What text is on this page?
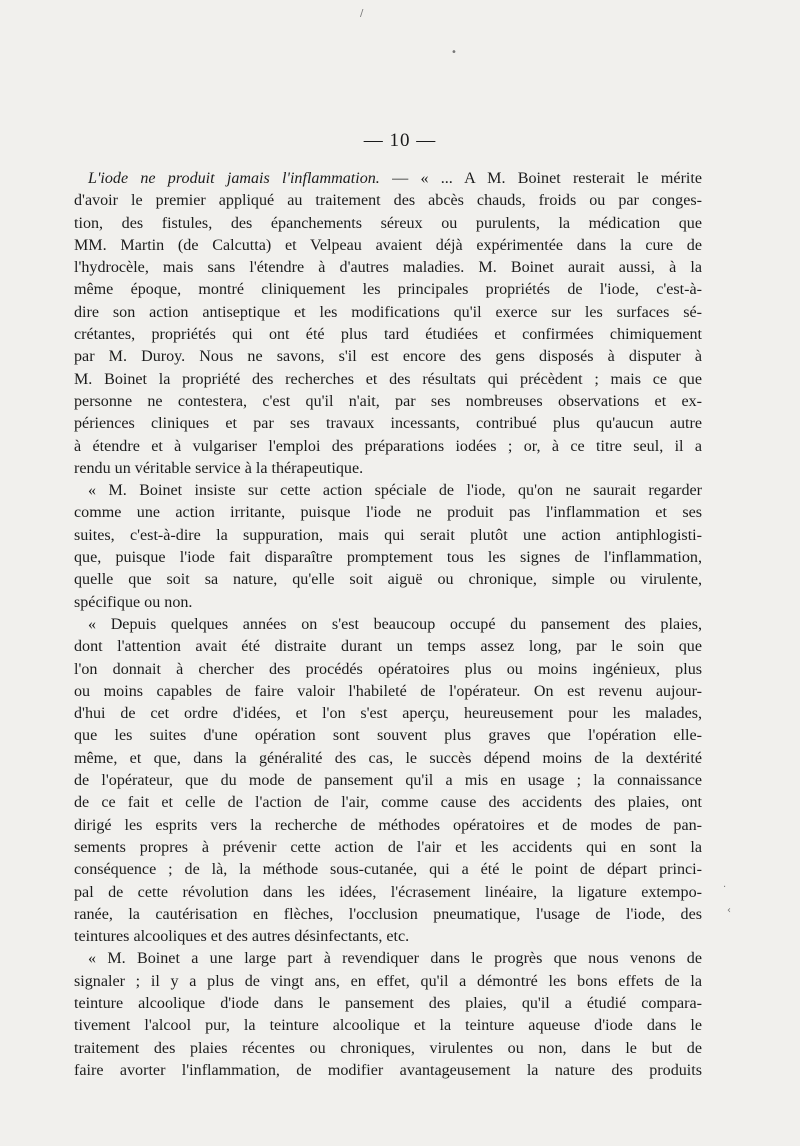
— 10 —
L'iode ne produit jamais l'inflammation. — « ... A M. Boinet resterait le mérite
d'avoir le premier appliqué au traitement des abcès chauds, froids ou par conges-
tion, des fistules, des épanchements séreux ou purulents, la médication que
MM. Martin (de Calcutta) et Velpeau avaient déjà expérimentée dans la cure de
l'hydrocèle, mais sans l'étendre à d'autres maladies. M. Boinet aurait aussi, à la
même époque, montré cliniquement les principales propriétés de l'iode, c'est-à-
dire son action antiseptique et les modifications qu'il exerce sur les surfaces sé-
crétantes, propriétés qui ont été plus tard étudiées et confirmées chimiquement
par M. Duroy. Nous ne savons, s'il est encore des gens disposés à disputer à
M. Boinet la propriété des recherches et des résultats qui précèdent ; mais ce que
personne ne contestera, c'est qu'il n'ait, par ses nombreuses observations et ex-
périences cliniques et par ses travaux incessants, contribué plus qu'aucun autre
à étendre et à vulgariser l'emploi des préparations iodées ; or, à ce titre seul, il a
rendu un véritable service à la thérapeutique.
« M. Boinet insiste sur cette action spéciale de l'iode, qu'on ne saurait regarder
comme une action irritante, puisque l'iode ne produit pas l'inflammation et ses
suites, c'est-à-dire la suppuration, mais qui serait plutôt une action antiphlogisti-
que, puisque l'iode fait disparaître promptement tous les signes de l'inflammation,
quelle que soit sa nature, qu'elle soit aiguë ou chronique, simple ou virulente,
spécifique ou non.
« Depuis quelques années on s'est beaucoup occupé du pansement des plaies,
dont l'attention avait été distraite durant un temps assez long, par le soin que
l'on donnait à chercher des procédés opératoires plus ou moins ingénieux, plus
ou moins capables de faire valoir l'habileté de l'opérateur. On est revenu aujour-
d'hui de cet ordre d'idées, et l'on s'est aperçu, heureusement pour les malades,
que les suites d'une opération sont souvent plus graves que l'opération elle-
même, et que, dans la généralité des cas, le succès dépend moins de la dextérité
de l'opérateur, que du mode de pansement qu'il a mis en usage ; la connaissance
de ce fait et celle de l'action de l'air, comme cause des accidents des plaies, ont
dirigé les esprits vers la recherche de méthodes opératoires et de modes de pan-
sements propres à prévenir cette action de l'air et les accidents qui en sont la
conséquence ; de là, la méthode sous-cutanée, qui a été le point de départ princi-
pal de cette révolution dans les idées, l'écrasement linéaire, la ligature extempo-
ranée, la cautérisation en flèches, l'occlusion pneumatique, l'usage de l'iode, des
teintures alcooliques et des autres désinfectants, etc.
« M. Boinet a une large part à revendiquer dans le progrès que nous venons de
signaler ; il y a plus de vingt ans, en effet, qu'il a démontré les bons effets de la
teinture alcoolique d'iode dans le pansement des plaies, qu'il a étudié compara-
tivement l'alcool pur, la teinture alcoolique et la teinture aqueuse d'iode dans le
traitement des plaies récentes ou chroniques, virulentes ou non, dans le but de
faire avorter l'inflammation, de modifier avantageusement la nature des produits
•
/
·
‹
